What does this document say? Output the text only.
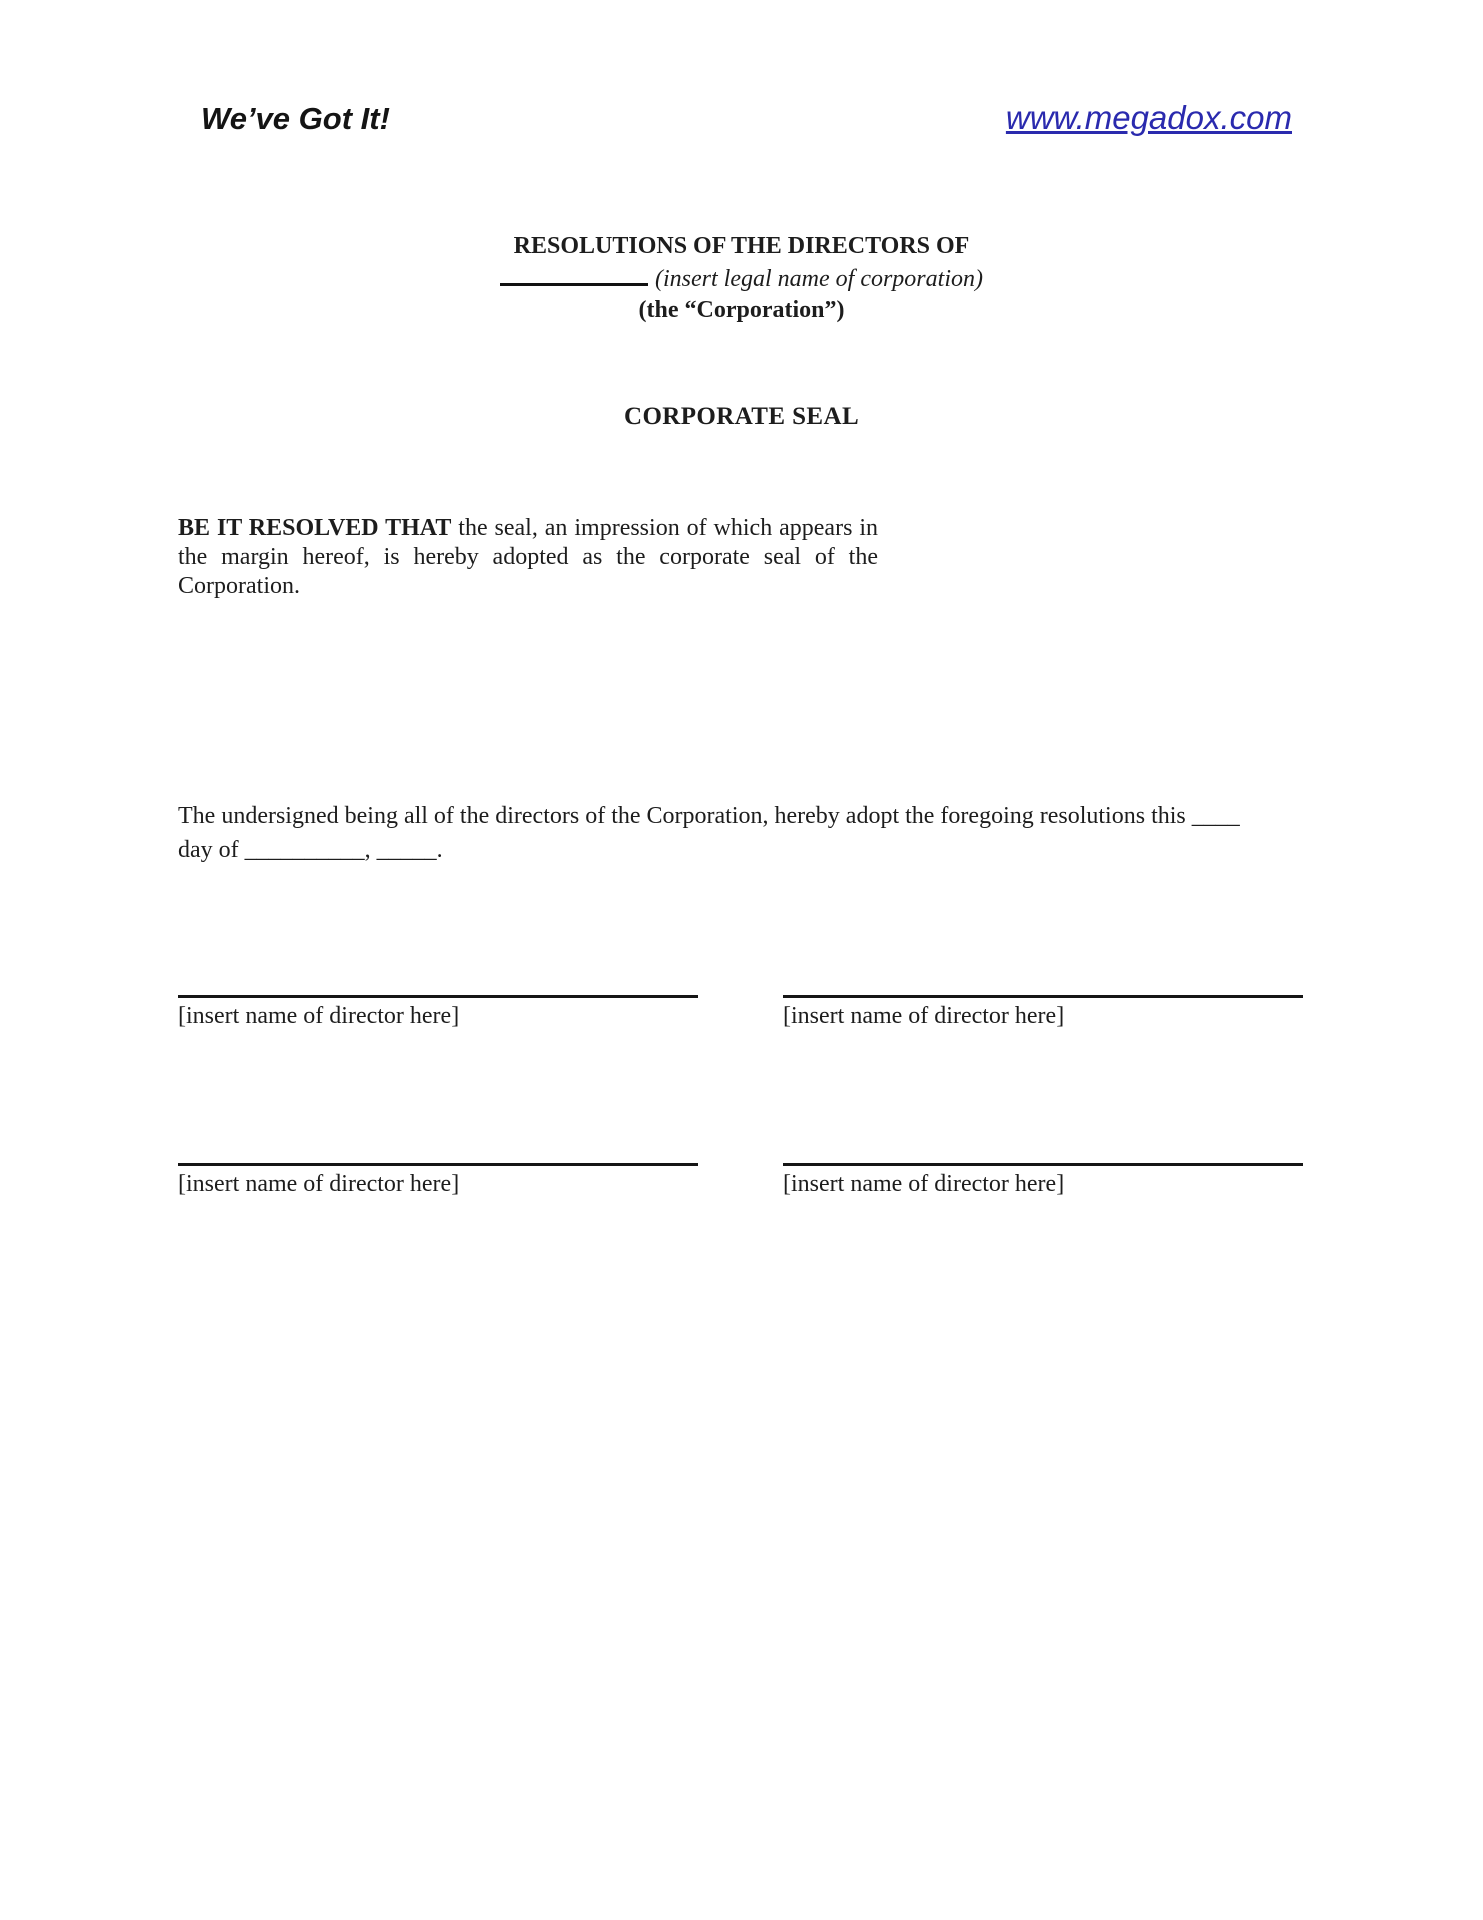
We’ve Got It!	www.megadox.com
RESOLUTIONS OF THE DIRECTORS OF
(insert legal name of corporation)
(the “Corporation”)
CORPORATE SEAL
BE IT RESOLVED THAT the seal, an impression of which appears in
the margin hereof, is hereby adopted as the corporate seal of the
Corporation.
The undersigned being all of the directors of the Corporation, hereby adopt the foregoing resolutions this ____
day of __________, _____.
[insert name of director here]	[insert name of director here]
[insert name of director here]	[insert name of director here]
